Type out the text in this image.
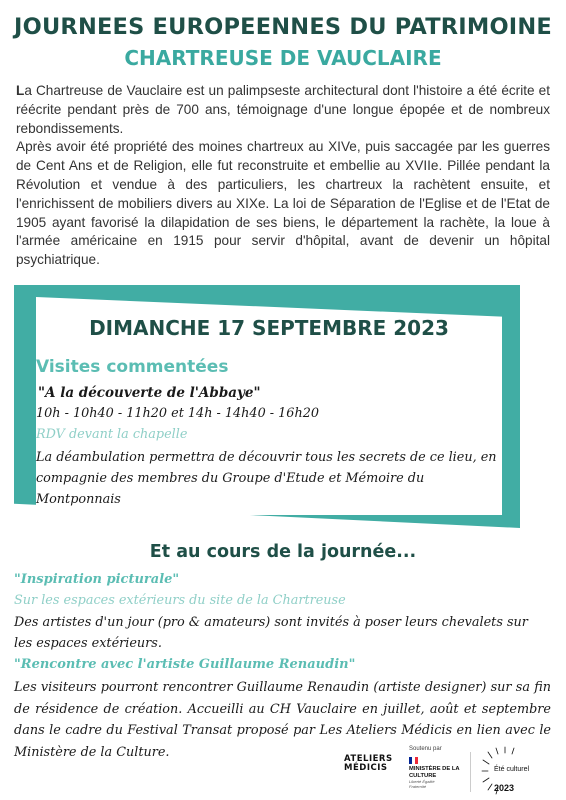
JOURNEES EUROPEENNES DU PATRIMOINE
CHARTREUSE DE VAUCLAIRE

La Chartreuse de Vauclaire est un palimpseste architectural dont l'histoire a été écrite et réécrite pendant près de 700 ans, témoignage d'une longue épopée et de nombreux rebondissements.
Après avoir été propriété des moines chartreux au XIVe, puis saccagée par les guerres de Cent Ans et de Religion, elle fut reconstruite et embellie au XVIIe. Pillée pendant la Révolution et vendue à des particuliers, les chartreux la rachètent ensuite, et l'enrichissent de mobiliers divers au XIXe. La loi de Séparation de l'Eglise et de l'Etat de 1905 ayant favorisé la dilapidation de ses biens, le département la rachète, la loue à l'armée américaine en 1915 pour servir d'hôpital, avant de devenir un hôpital psychiatrique.

DIMANCHE 17 SEPTEMBRE 2023
Visites commentées
"A la découverte de l'Abbaye"
10h - 10h40 - 11h20 et 14h - 14h40 - 16h20
RDV devant la chapelle

La déambulation permettra de découvrir tous les secrets de ce lieu, en compagnie des membres du Groupe d'Etude et Mémoire du Montponnais

Et au cours de la journée...
"Inspiration picturale"
Sur les espaces extérieurs du site de la Chartreuse

Des artistes d'un jour (pro & amateurs) sont invités à poser leurs chevalets sur les espaces extérieurs.

"Rencontre avec l'artiste Guillaume Renaudin"

Les visiteurs pourront rencontrer Guillaume Renaudin (artiste designer) sur sa fin de résidence de création. Accueilli au CH Vauclaire en juillet, août et septembre dans le cadre du Festival Transat proposé par Les Ateliers Médicis en lien avec le Ministère de la Culture.	ATELIERS
MÉDICIS
Soutenu par
MINISTÈRE DE LA CULTURE
Liberté Égalité Fraternité
Été culturel
2023
